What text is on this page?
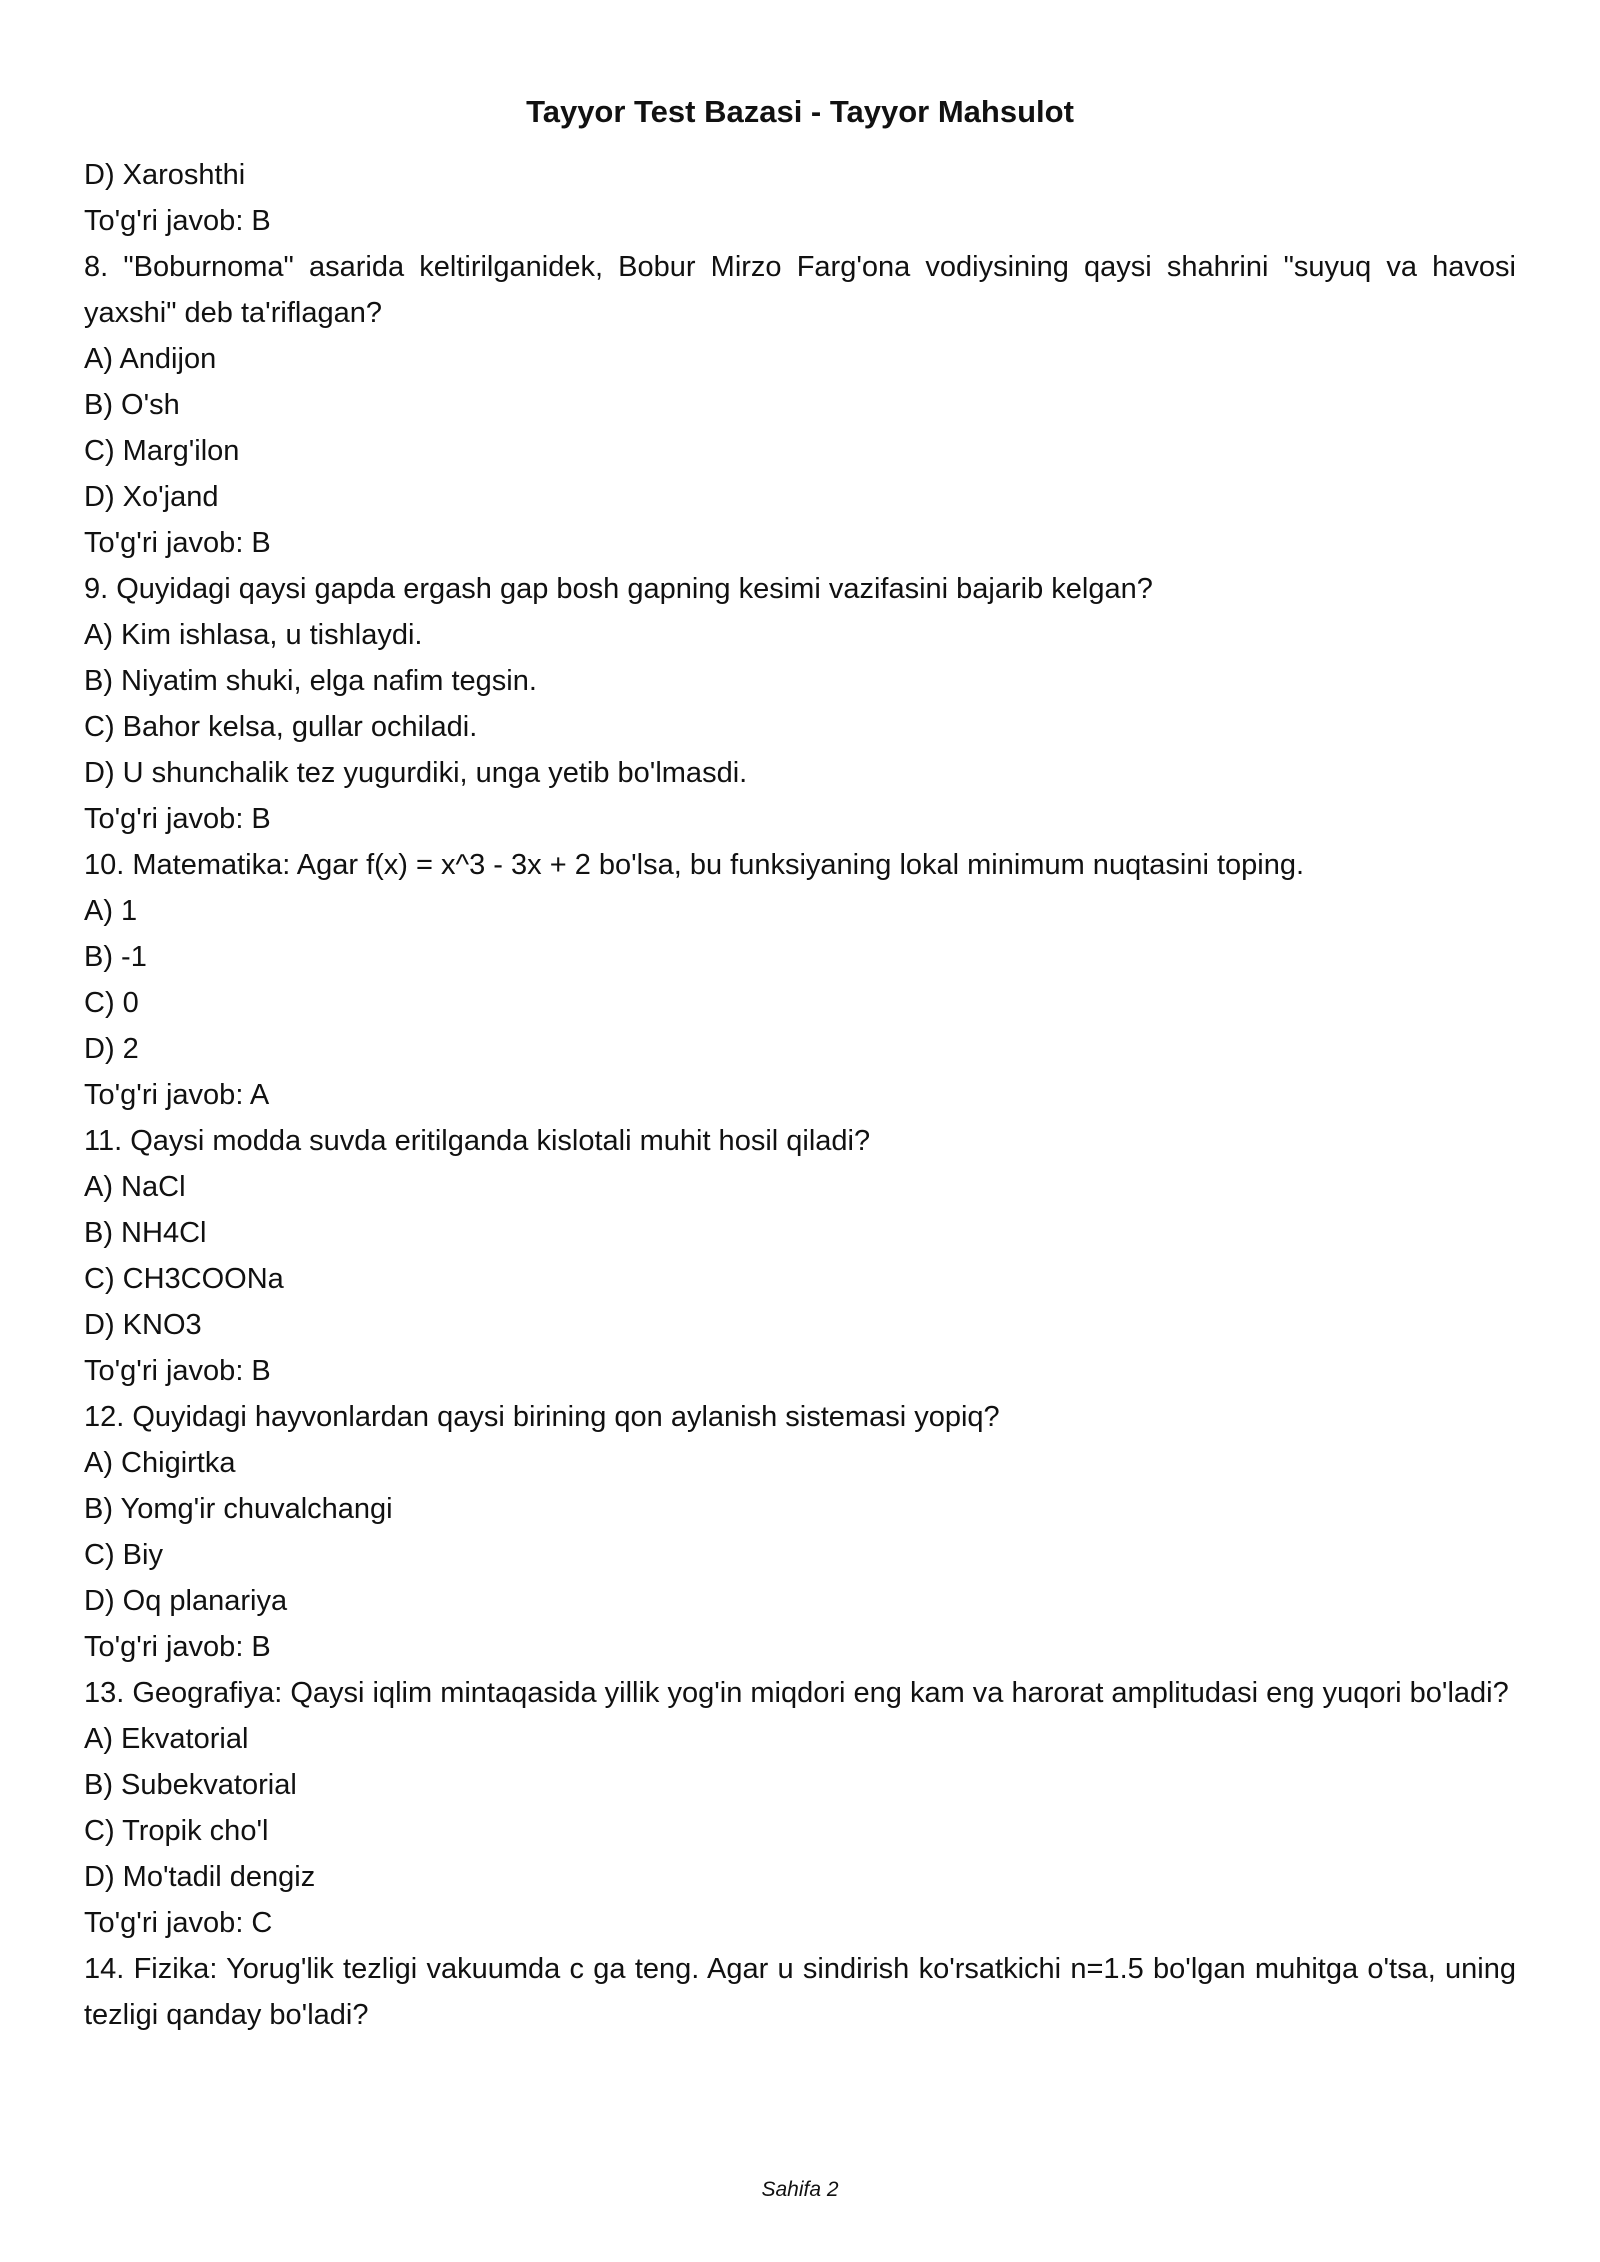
Tayyor Test Bazasi - Tayyor Mahsulot
D) Xaroshthi
To'g'ri javob: B
8. "Boburnoma" asarida keltirilganidek, Bobur Mirzo Farg'ona vodiysining qaysi shahrini "suyuq va havosi yaxshi" deb ta'riflagan?
A) Andijon
B) O'sh
C) Marg'ilon
D) Xo'jand
To'g'ri javob: B
9. Quyidagi qaysi gapda ergash gap bosh gapning kesimi vazifasini bajarib kelgan?
A) Kim ishlasa, u tishlaydi.
B) Niyatim shuki, elga nafim tegsin.
C) Bahor kelsa, gullar ochiladi.
D) U shunchalik tez yugurdiki, unga yetib bo'lmasdi.
To'g'ri javob: B
10. Matematika: Agar f(x) = x^3 - 3x + 2 bo'lsa, bu funksiyaning lokal minimum nuqtasini toping.
A) 1
B) -1
C) 0
D) 2
To'g'ri javob: A
11. Qaysi modda suvda eritilganda kislotali muhit hosil qiladi?
A) NaCl
B) NH4Cl
C) CH3COONa
D) KNO3
To'g'ri javob: B
12. Quyidagi hayvonlardan qaysi birining qon aylanish sistemasi yopiq?
A) Chigirtka
B) Yomg'ir chuvalchangi
C) Biy
D) Oq planariya
To'g'ri javob: B
13. Geografiya: Qaysi iqlim mintaqasida yillik yog'in miqdori eng kam va harorat amplitudasi eng yuqori bo'ladi?
A) Ekvatorial
B) Subekvatorial
C) Tropik cho'l
D) Mo'tadil dengiz
To'g'ri javob: C
14. Fizika: Yorug'lik tezligi vakuumda c ga teng. Agar u sindirish ko'rsatkichi n=1.5 bo'lgan muhitga o'tsa, uning tezligi qanday bo'ladi?
Sahifa 2
